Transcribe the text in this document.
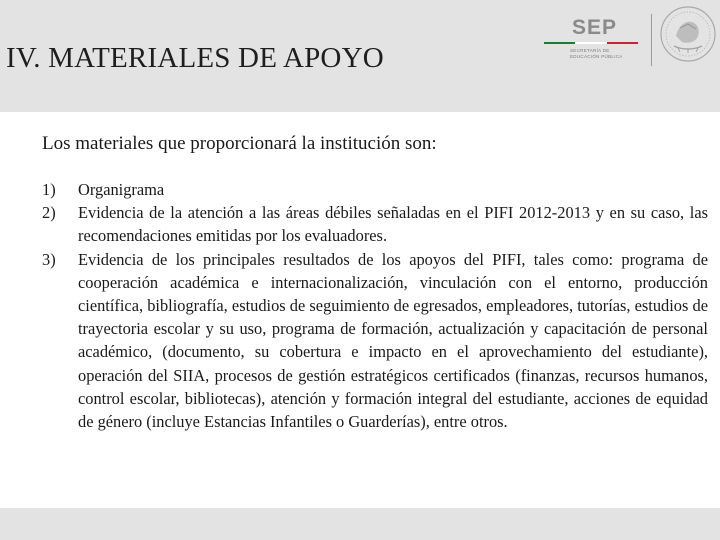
IV. MATERIALES DE APOYO
SEP
SECRETARÍA DE EDUCACIÓN PÚBLICA

Los materiales que proporcionará la institución son:

1) Organigrama
2) Evidencia de la atención a las áreas débiles señaladas en el PIFI 2012-2013 y en su caso, las recomendaciones emitidas por los evaluadores.
3) Evidencia de los principales resultados de los apoyos del PIFI, tales como: programa de cooperación académica e internacionalización, vinculación con el entorno, producción científica, bibliografía, estudios de seguimiento de egresados, empleadores, tutorías, estudios de trayectoria escolar y su uso, programa de formación, actualización y capacitación de personal académico, (documento, su cobertura e impacto en el aprovechamiento del estudiante), operación del SIIA, procesos de gestión estratégicos certificados (finanzas, recursos humanos, control escolar, bibliotecas), atención y formación integral del estudiante, acciones de equidad de género (incluye Estancias Infantiles o Guarderías), entre otros.
